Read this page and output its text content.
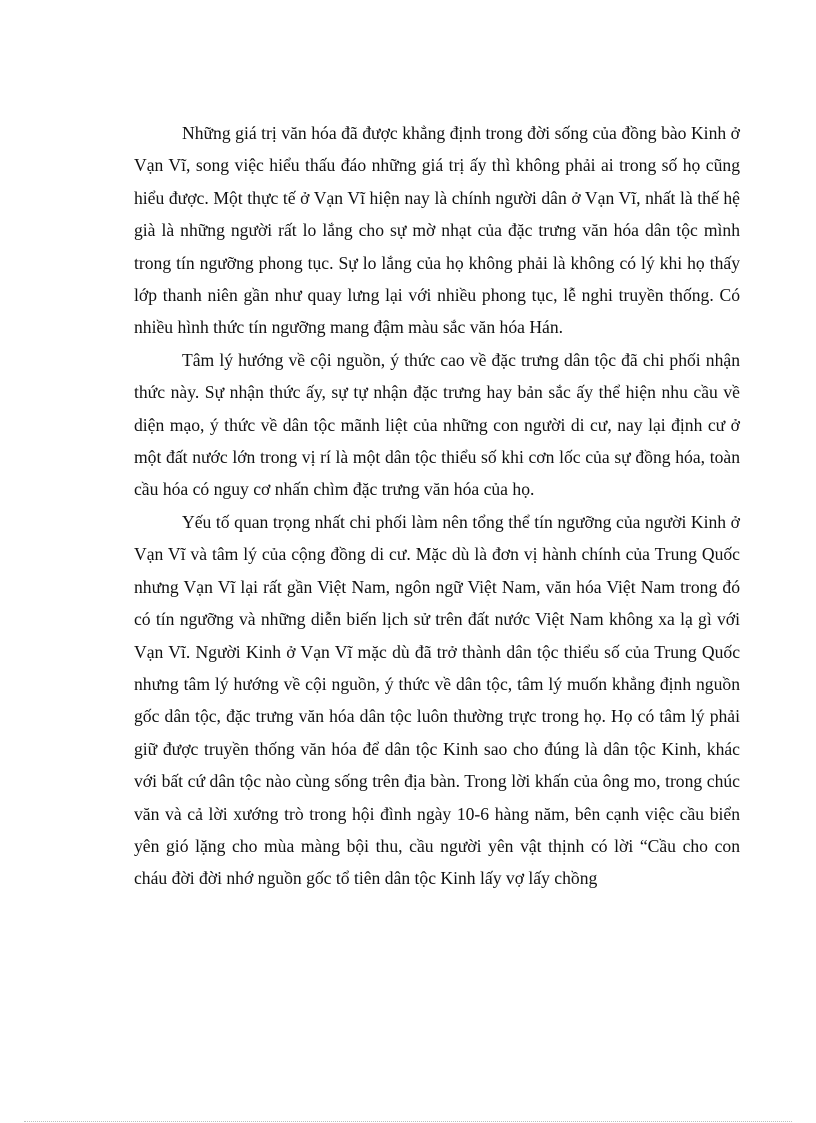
Những giá trị văn hóa đã được khẳng định trong đời sống của đồng bào Kinh ở Vạn Vĩ, song việc hiểu thấu đáo những giá trị ấy thì không phải ai trong số họ cũng hiểu được. Một thực tế ở Vạn Vĩ hiện nay là chính người dân ở Vạn Vĩ, nhất là thế hệ già là những người rất lo lắng cho sự mờ nhạt của đặc trưng văn hóa dân tộc mình trong tín ngưỡng phong tục. Sự lo lắng của họ không phải là không có lý khi họ thấy lớp thanh niên gần như quay lưng lại với nhiều phong tục, lễ nghi truyền thống. Có nhiều hình thức tín ngưỡng mang đậm màu sắc văn hóa Hán.

Tâm lý hướng về cội nguồn, ý thức cao về đặc trưng dân tộc đã chi phối nhận thức này. Sự nhận thức ấy, sự tự nhận đặc trưng hay bản sắc ấy thể hiện nhu cầu về diện mạo, ý thức về dân tộc mãnh liệt của những con người di cư, nay lại định cư ở một đất nước lớn trong vị rí là một dân tộc thiểu số khi cơn lốc của sự đồng hóa, toàn cầu hóa có nguy cơ nhấn chìm đặc trưng văn hóa của họ.

Yếu tố quan trọng nhất chi phối làm nên tổng thể tín ngưỡng của người Kinh ở Vạn Vĩ và tâm lý của cộng đồng di cư. Mặc dù là đơn vị hành chính của Trung Quốc nhưng Vạn Vĩ lại rất gần Việt Nam, ngôn ngữ Việt Nam, văn hóa Việt Nam trong đó có tín ngưỡng và những diễn biến lịch sử trên đất nước Việt Nam không xa lạ gì với Vạn Vĩ. Người Kinh ở Vạn Vĩ mặc dù đã trở thành dân tộc thiểu số của Trung Quốc nhưng tâm lý hướng về cội nguồn, ý thức về dân tộc, tâm lý muốn khẳng định nguồn gốc dân tộc, đặc trưng văn hóa dân tộc luôn thường trực trong họ. Họ có tâm lý phải giữ được truyền thống văn hóa để dân tộc Kinh sao cho đúng là dân tộc Kinh, khác với bất cứ dân tộc nào cùng sống trên địa bàn. Trong lời khấn của ông mo, trong chúc văn và cả lời xướng trò trong hội đình ngày 10-6 hàng năm, bên cạnh việc cầu biển yên gió lặng cho mùa màng bội thu, cầu người yên vật thịnh có lời “Cầu cho con cháu đời đời nhớ nguồn gốc tổ tiên dân tộc Kinh lấy vợ lấy chồng
